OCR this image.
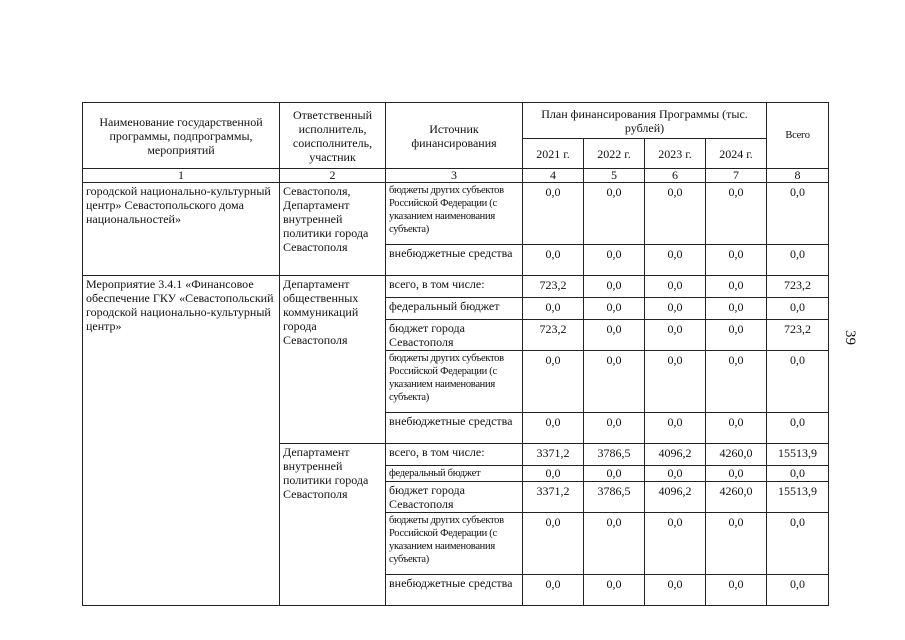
Наименование государственной программы, подпрограммы, мероприятий	Ответственный исполнитель, соисполнитель, участник	Источник финансирования	План финансирования Программы (тыс. рублей)				Всего
			2021 г.	2022 г.	2023 г.	2024 г.	
1	2	3	4	5	6	7	8
городской национально-культурный центр» Севастопольского дома национальностей»	Севастополя, Департамент внутренней политики города Севастополя	бюджеты других субъектов Российской Федерации (с указанием наименования субъекта)	0,0	0,0	0,0	0,0	0,0
		внебюджетные средства	0,0	0,0	0,0	0,0	0,0
Мероприятие 3.4.1 «Финансовое обеспечение ГКУ «Севастопольский городской национально-культурный центр»	Департамент общественных коммуникаций города Севастополя	всего, в том числе:	723,2	0,0	0,0	0,0	723,2
		федеральный бюджет	0,0	0,0	0,0	0,0	0,0
		бюджет города Севастополя	723,2	0,0	0,0	0,0	723,2
		бюджеты других субъектов Российской Федерации (с указанием наименования субъекта)	0,0	0,0	0,0	0,0	0,0
		внебюджетные средства	0,0	0,0	0,0	0,0	0,0
	Департамент внутренней политики города Севастополя	всего, в том числе:	3371,2	3786,5	4096,2	4260,0	15513,9
		федеральный бюджет	0,0	0,0	0,0	0,0	0,0
		бюджет города Севастополя	3371,2	3786,5	4096,2	4260,0	15513,9
		бюджеты других субъектов Российской Федерации (с указанием наименования субъекта)	0,0	0,0	0,0	0,0	0,0
		внебюджетные средства	0,0	0,0	0,0	0,0	0,0
39
